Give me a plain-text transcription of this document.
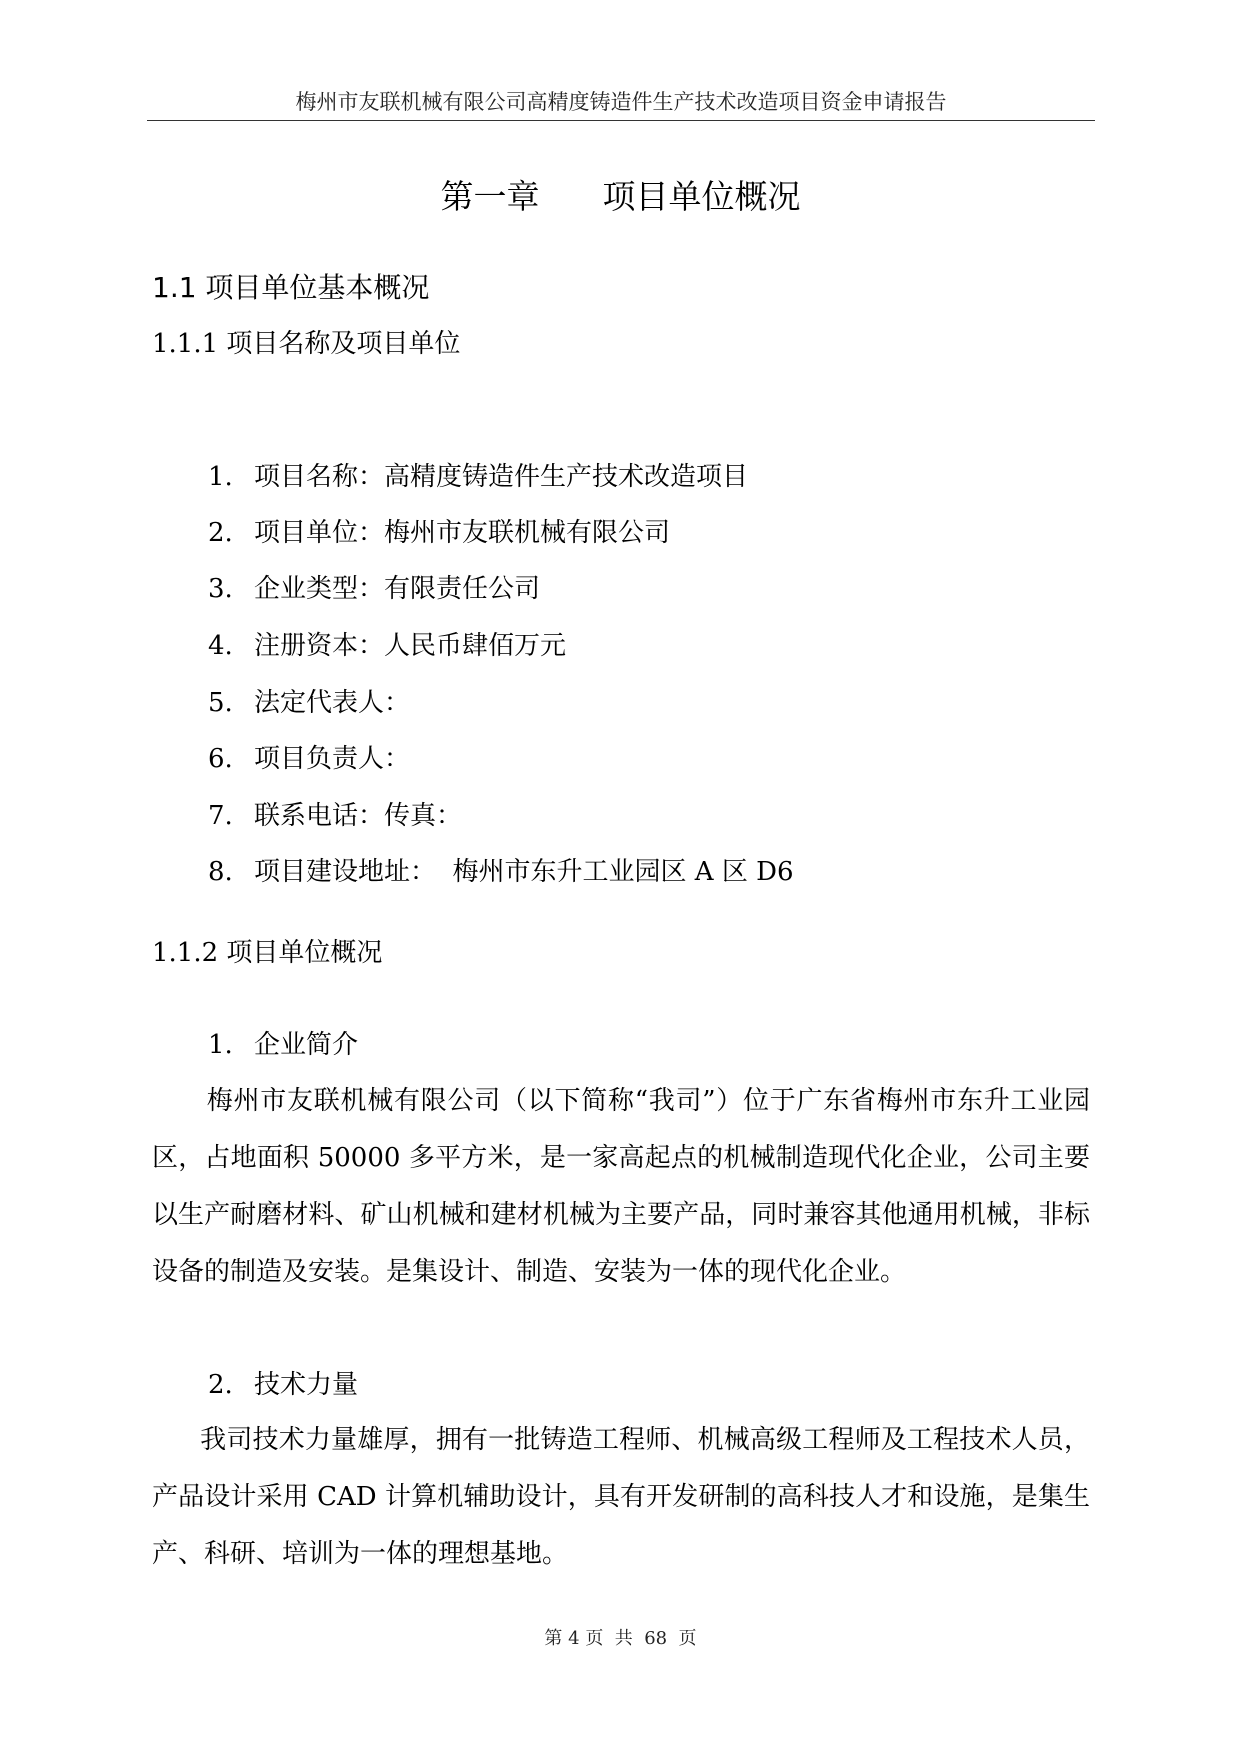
梅州市友联机械有限公司高精度铸造件生产技术改造项目资金申请报告
第一章 项目单位概况
1.1 项目单位基本概况
1.1.1 项目名称及项目单位
1. 项目名称：高精度铸造件生产技术改造项目
2. 项目单位：梅州市友联机械有限公司
3. 企业类型：有限责任公司
4. 注册资本：人民币肆佰万元
5. 法定代表人：
6. 项目负责人：
7. 联系电话：传真：
8. 项目建设地址：  梅州市东升工业园区 A 区 D6
1.1.2 项目单位概况
1. 企业简介
梅州市友联机械有限公司（以下简称“我司”）位于广东省梅州市东升工业园区，占地面积 50000 多平方米，是一家高起点的机械制造现代化企业，公司主要以生产耐磨材料、矿山机械和建材机械为主要产品，同时兼容其他通用机械，非标设备的制造及安装。是集设计、制造、安装为一体的现代化企业。
2. 技术力量
我司技术力量雄厚，拥有一批铸造工程师、机械高级工程师及工程技术人员，产品设计采用 CAD 计算机辅助设计，具有开发研制的高科技人才和设施，是集生产、科研、培训为一体的理想基地。
第 4 页  共  68  页
